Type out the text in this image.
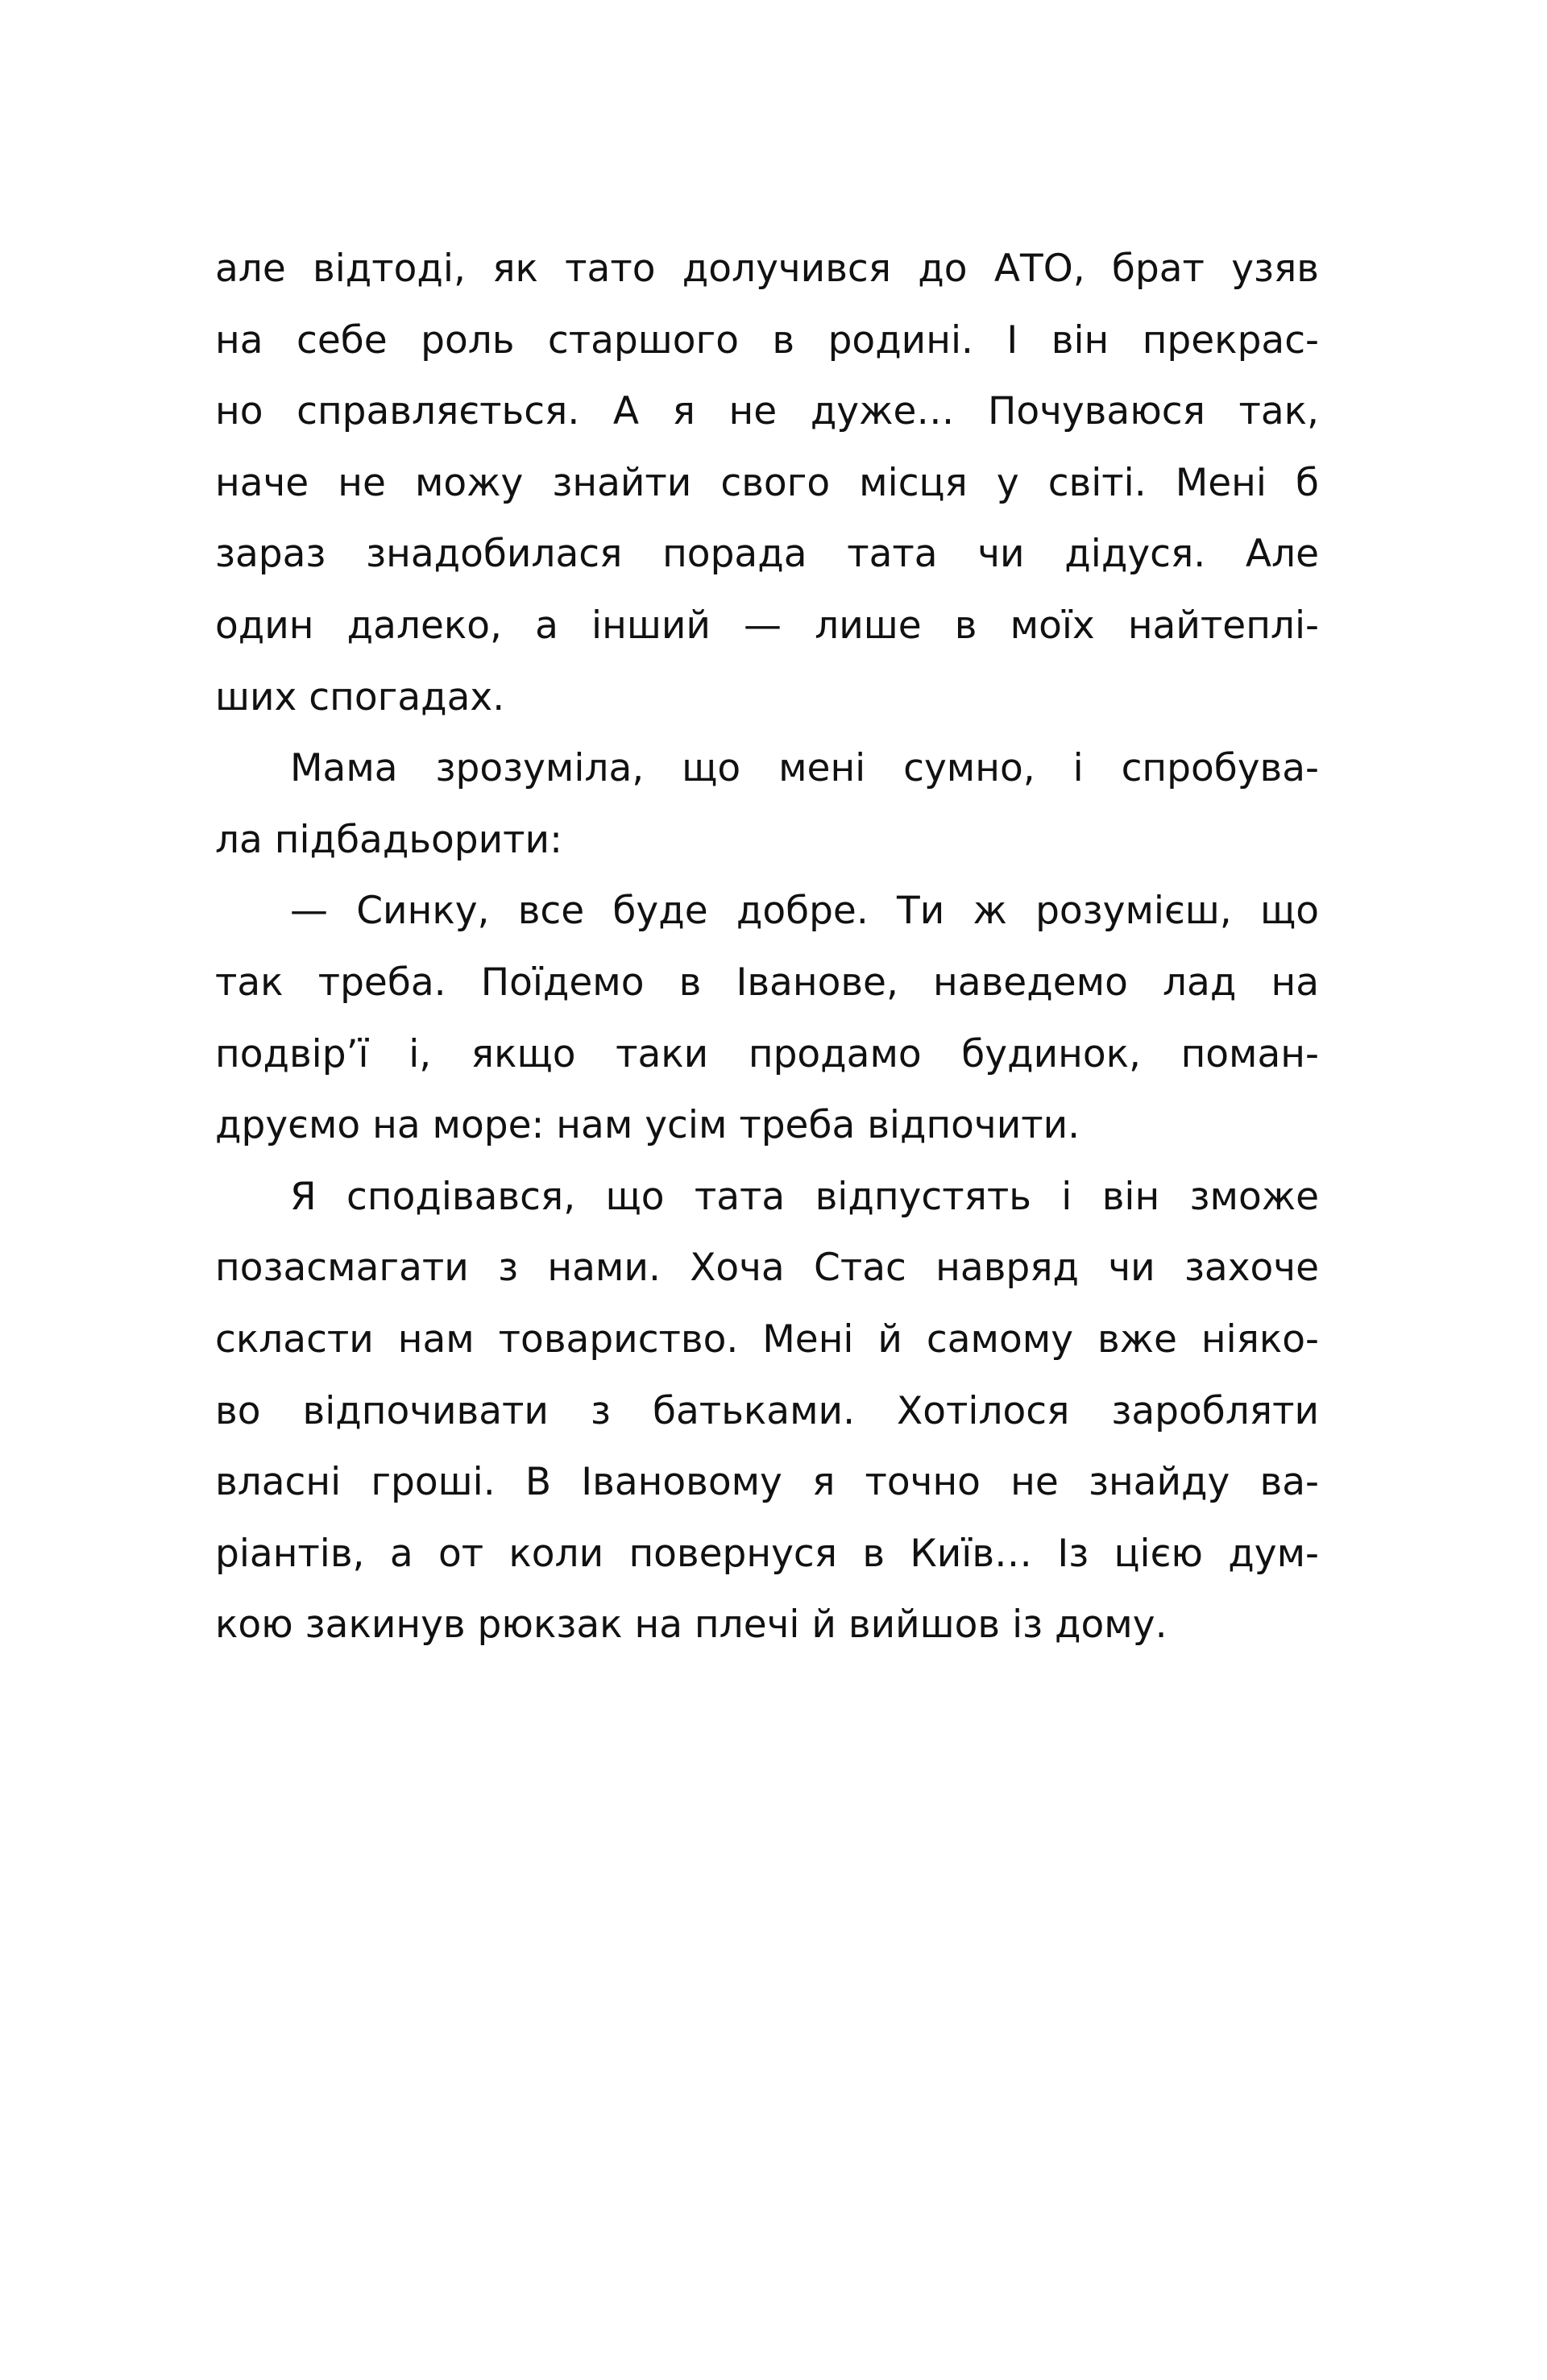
але відтоді, як тато долучився до АТО, брат узяв
на себе роль старшого в родині. І він прекрас-
но справляється. А я не дуже… Почуваюся так,
наче не можу знайти свого місця у світі. Мені б
зараз знадобилася порада тата чи дідуся. Але
один далеко, а інший — лише в моїх найтеплі-
ших спогадах.
Мама зрозуміла, що мені сумно, і спробува-
ла підбадьорити:
— Синку, все буде добре. Ти ж розумієш, що
так треба. Поїдемо в Іванове, наведемо лад на
подвір’ї і, якщо таки продамо будинок, поман-
друємо на море: нам усім треба відпочити.
Я сподівався, що тата відпустять і він зможе
позасмагати з нами. Хоча Стас навряд чи захоче
скласти нам товариство. Мені й самому вже ніяко-
во відпочивати з батьками. Хотілося заробляти
власні гроші. В Івановому я точно не знайду ва-
ріантів, а от коли повернуся в Київ… Із цією дум-
кою закинув рюкзак на плечі й вийшов із дому.
